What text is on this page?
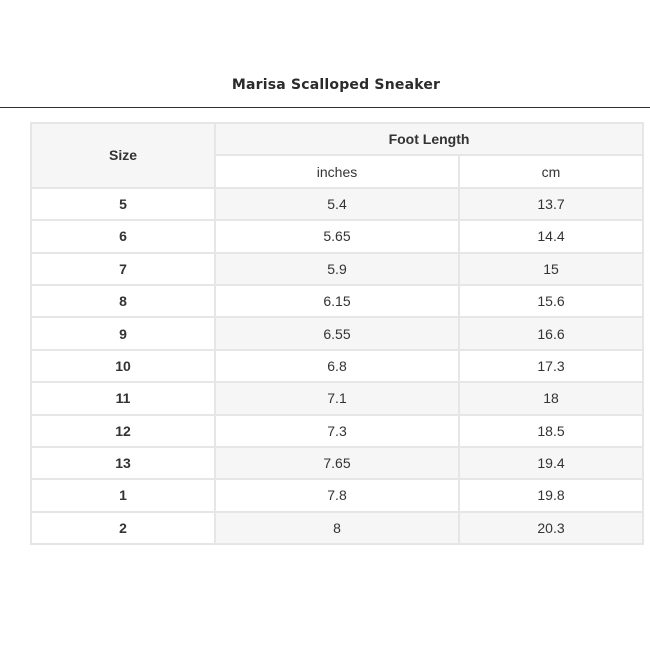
Marisa Scalloped Sneaker
Size	Foot Length	
	inches	cm
5	5.4	13.7
6	5.65	14.4
7	5.9	15
8	6.15	15.6
9	6.55	16.6
10	6.8	17.3
11	7.1	18
12	7.3	18.5
13	7.65	19.4
1	7.8	19.8
2	8	20.3
